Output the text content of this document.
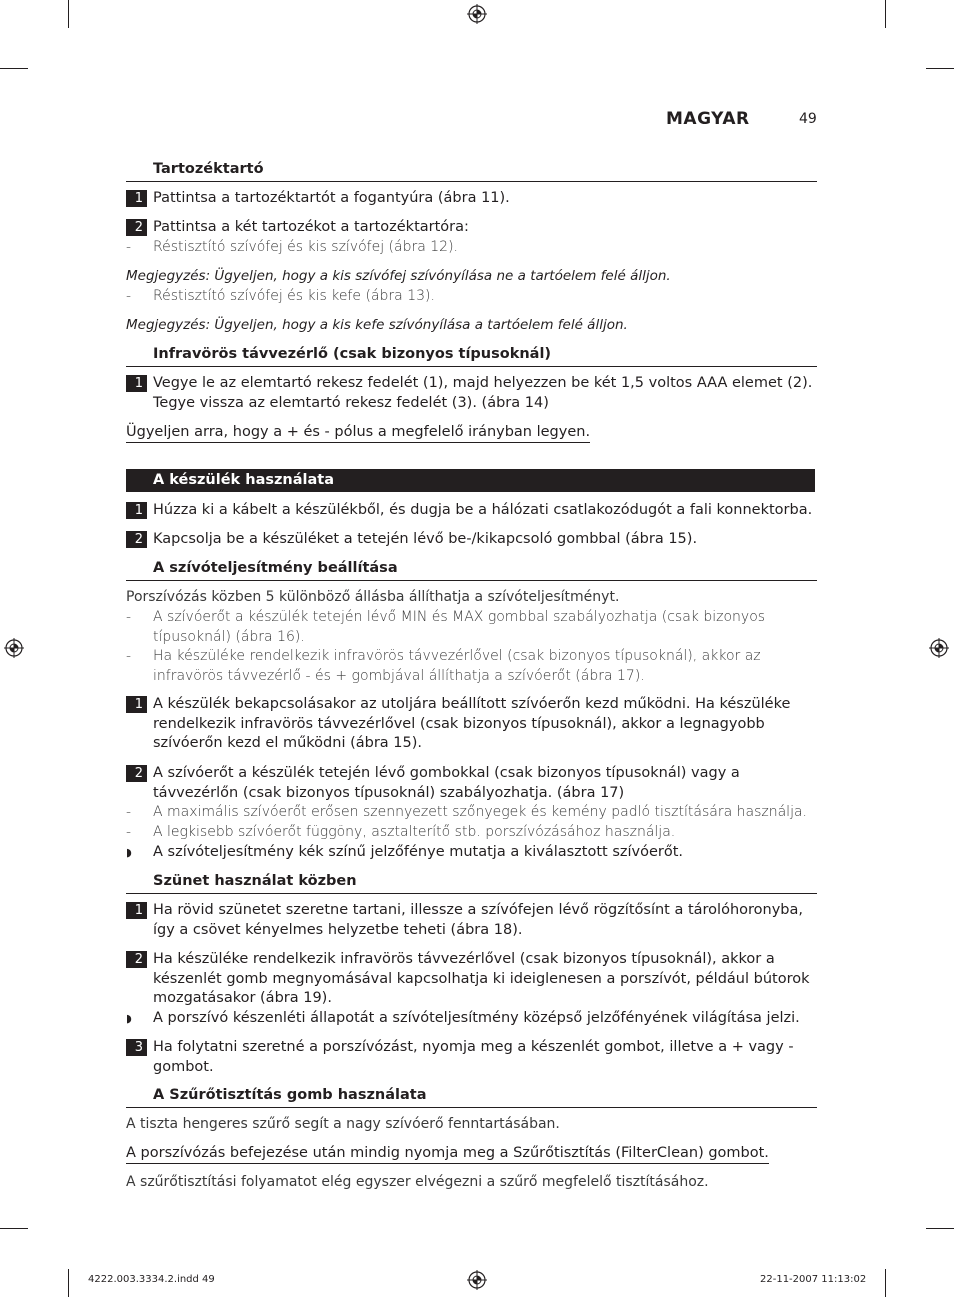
MAGYAR	49
Tartozéktartó
1 Pattintsa a tartozéktartót a fogantyúra (ábra 11).
2 Pattintsa a két tartozékot a tartozéktartóra:
- Réstisztító szívófej és kis szívófej (ábra 12).
Megjegyzés: Ügyeljen, hogy a kis szívófej szívónyílása ne a tartóelem felé álljon.
- Réstisztító szívófej és kis kefe (ábra 13).
Megjegyzés: Ügyeljen, hogy a kis kefe szívónyílása a tartóelem felé álljon.
Infravörös távvezérlő (csak bizonyos típusoknál)
1 Vegye le az elemtartó rekesz fedelét (1), majd helyezzen be két 1,5 voltos AAA elemet (2). Tegye vissza az elemtartó rekesz fedelét (3). (ábra 14)
Ügyeljen arra, hogy a + és - pólus a megfelelő irányban legyen.
A készülék használata
1 Húzza ki a kábelt a készülékből, és dugja be a hálózati csatlakozódugót a fali konnektorba.
2 Kapcsolja be a készüléket a tetején lévő be-/kikapcsoló gombbal (ábra 15).
A szívóteljesítmény beállítása
Porszívózás közben 5 különböző állásba állíthatja a szívóteljesítményt.
- A szívóerőt a készülék tetején lévő MIN és MAX gombbal szabályozhatja (csak bizonyos típusoknál) (ábra 16).
- Ha készüléke rendelkezik infravörös távvezérlővel (csak bizonyos típusoknál), akkor az infravörös távvezérlő - és + gombjával állíthatja a szívóerőt (ábra 17).
1 A készülék bekapcsolásakor az utoljára beállított szívóerőn kezd működni. Ha készüléke rendelkezik infravörös távvezérlővel (csak bizonyos típusoknál), akkor a legnagyobb szívóerőn kezd el működni (ábra 15).
2 A szívóerőt a készülék tetején lévő gombokkal (csak bizonyos típusoknál) vagy a távvezérlőn (csak bizonyos típusoknál) szabályozhatja. (ábra 17)
- A maximális szívóerőt erősen szennyezett szőnyegek és kemény padló tisztítására használja.
- A legkisebb szívóerőt függöny, asztalterítő stb. porszívózásához használja.
◗ A szívóteljesítmény kék színű jelzőfénye mutatja a kiválasztott szívóerőt.
Szünet használat közben
1 Ha rövid szünetet szeretne tartani, illessze a szívófejen lévő rögzítősínt a tárolóhoronyba, így a csövet kényelmes helyzetbe teheti (ábra 18).
2 Ha készüléke rendelkezik infravörös távvezérlővel (csak bizonyos típusoknál), akkor a készenlét gomb megnyomásával kapcsolhatja ki ideiglenesen a porszívót, például bútorok mozgatásakor (ábra 19).
◗ A porszívó készenléti állapotát a szívóteljesítmény középső jelzőfényének világítása jelzi.
3 Ha folytatni szeretné a porszívózást, nyomja meg a készenlét gombot, illetve a + vagy - gombot.
A Szűrőtisztítás gomb használata
A tiszta hengeres szűrő segít a nagy szívóerő fenntartásában.
A porszívózás befejezése után mindig nyomja meg a Szűrőtisztítás (FilterClean) gombot.
A szűrőtisztítási folyamatot elég egyszer elvégezni a szűrő megfelelő tisztításához.
4222.003.3334.2.indd 49	22-11-2007 11:13:02
